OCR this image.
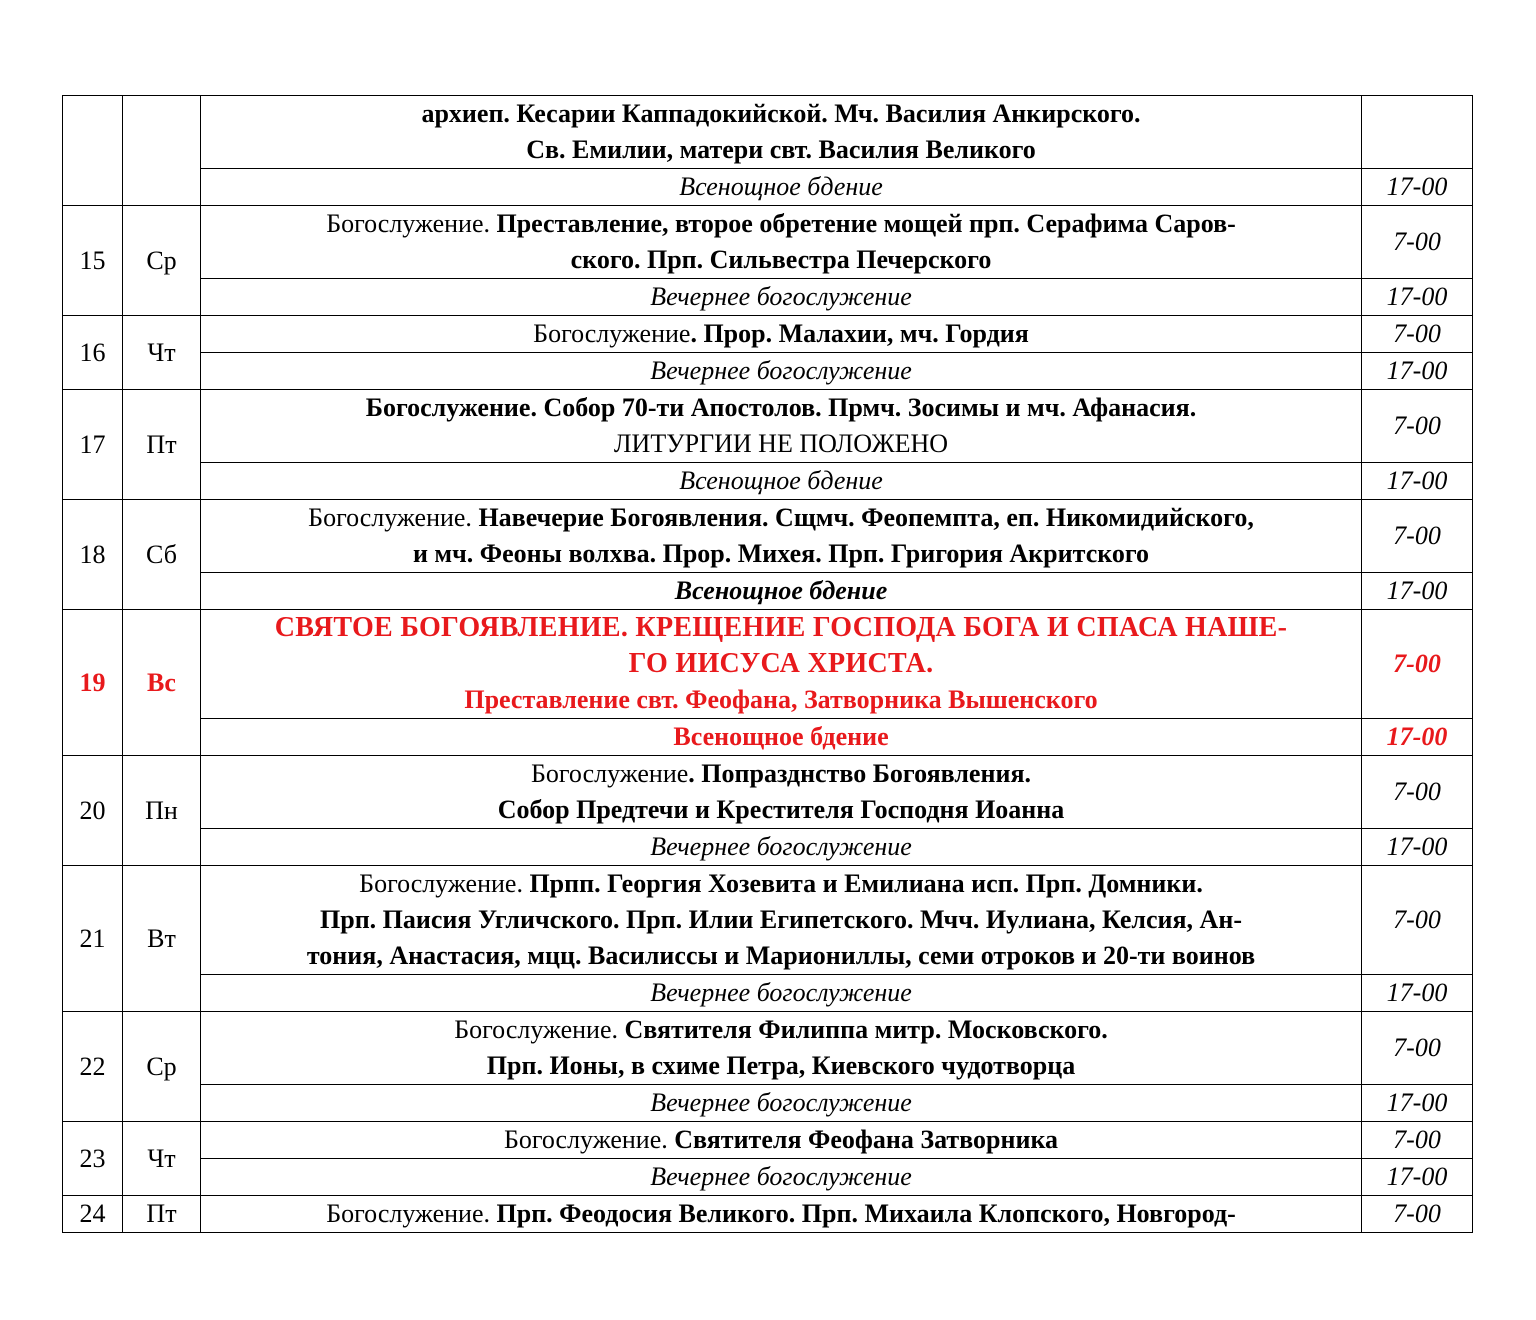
		архиеп. Кесарии Каппадокийской. Мч. Василия Анкирского.
Св. Емилии, матери свт. Василия Великого	
		Всенощное бдение	17-00
15	Ср	Богослужение. Преставление, второе обретение мощей прп. Серафима Саров-
ского. Прп. Сильвестра Печерского	7-00
		Вечернее богослужение	17-00
16	Чт	Богослужение. Прор. Малахии, мч. Гордия	7-00
		Вечернее богослужение	17-00
17	Пт	Богослужение. Собор 70-ти Апостолов. Прмч. Зосимы и мч. Афанасия.
ЛИТУРГИИ НЕ ПОЛОЖЕНО	7-00
		Всенощное бдение	17-00
18	Сб	Богослужение. Навечерие Богоявления. Сщмч. Феопемпта, еп. Никомидийского,
и мч. Феоны волхва. Прор. Михея. Прп. Григория Акритского	7-00
		Всенощное бдение	17-00
19	Вс	СВЯТОЕ БОГОЯВЛЕНИЕ. КРЕЩЕНИЕ ГОСПОДА БОГА И СПАСА НАШЕ-
ГО ИИСУСА ХРИСТА.
Преставление свт. Феофана, Затворника Вышенского	7-00
		Всенощное бдение	17-00
20	Пн	Богослужение. Попразднство Богоявления.
Собор Предтечи и Крестителя Господня Иоанна	7-00
		Вечернее богослужение	17-00
21	Вт	Богослужение. Прпп. Георгия Хозевита и Емилиана исп. Прп. Домники.
Прп. Паисия Угличского. Прп. Илии Египетского. Мчч. Иулиана, Келсия, Ан-
тония, Анастасия, мцц. Василиссы и Мариониллы, семи отроков и 20-ти воинов	7-00
		Вечернее богослужение	17-00
22	Ср	Богослужение. Святителя Филиппа митр. Московского.
Прп. Ионы, в схиме Петра, Киевского чудотворца	7-00
		Вечернее богослужение	17-00
23	Чт	Богослужение. Святителя Феофана Затворника	7-00
		Вечернее богослужение	17-00
24	Пт	Богослужение. Прп. Феодосия Великого. Прп. Михаила Клопского, Новгород-	7-00
